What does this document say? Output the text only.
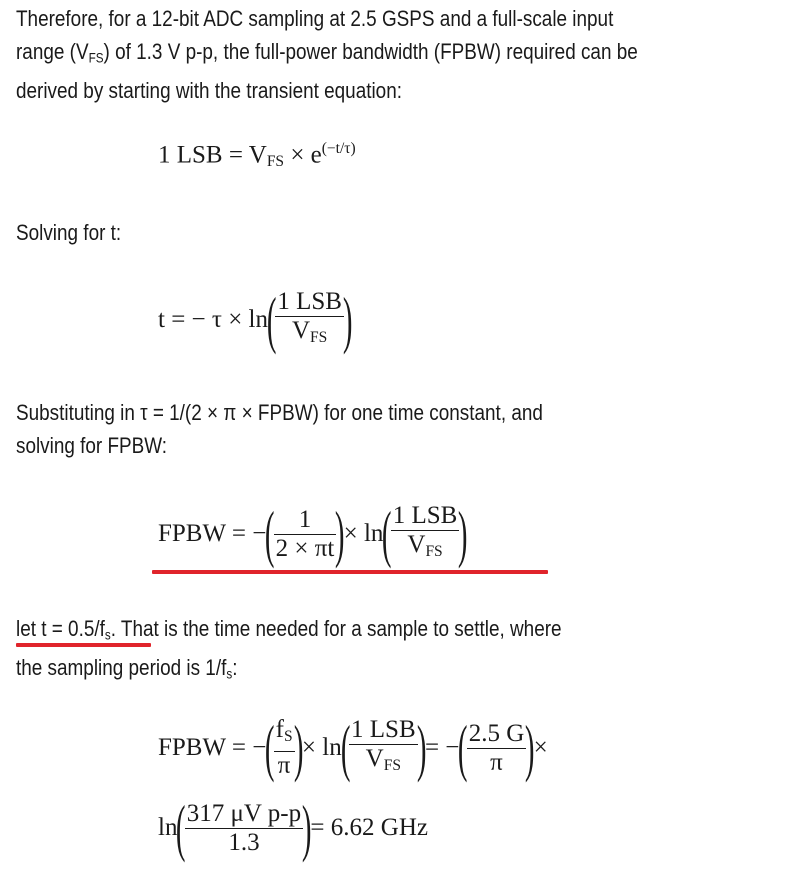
Therefore, for a 12-bit ADC sampling at 2.5 GSPS and a full-scale input
range $(V_{FS})$ of 1.3 V p-p, the full-power bandwidth (FPBW) required can be
derived by starting with the transient equation:
1 LSB = $V_{FS} \times e^{(-t/\tau)}$
Solving for t:
t = − τ × ln(
$\frac{\text{1 LSB}}{V_{FS}}$
)
Substituting in τ = 1/(2 × π × FPBW) for one time constant, and
solving for FPBW:
FPBW = −(
$\frac{1}{2 \times \pi t}$
)× ln(
$\frac{\text{1 LSB}}{V_{FS}}$
)
let $t = 0.5/f_s$. That is the time needed for a sample to settle, where
the sampling period is $1/f_s$:
FPBW = −(
$\frac{f_S}{\pi}$
)× ln(
$\frac{\text{1 LSB}}{V_{FS}}$
)= −(
$\frac{2.5 G}{\pi}$
)×
ln(
$\frac{\text{317 μV p-p}}{1.3}$
)= 6.62 GHz
